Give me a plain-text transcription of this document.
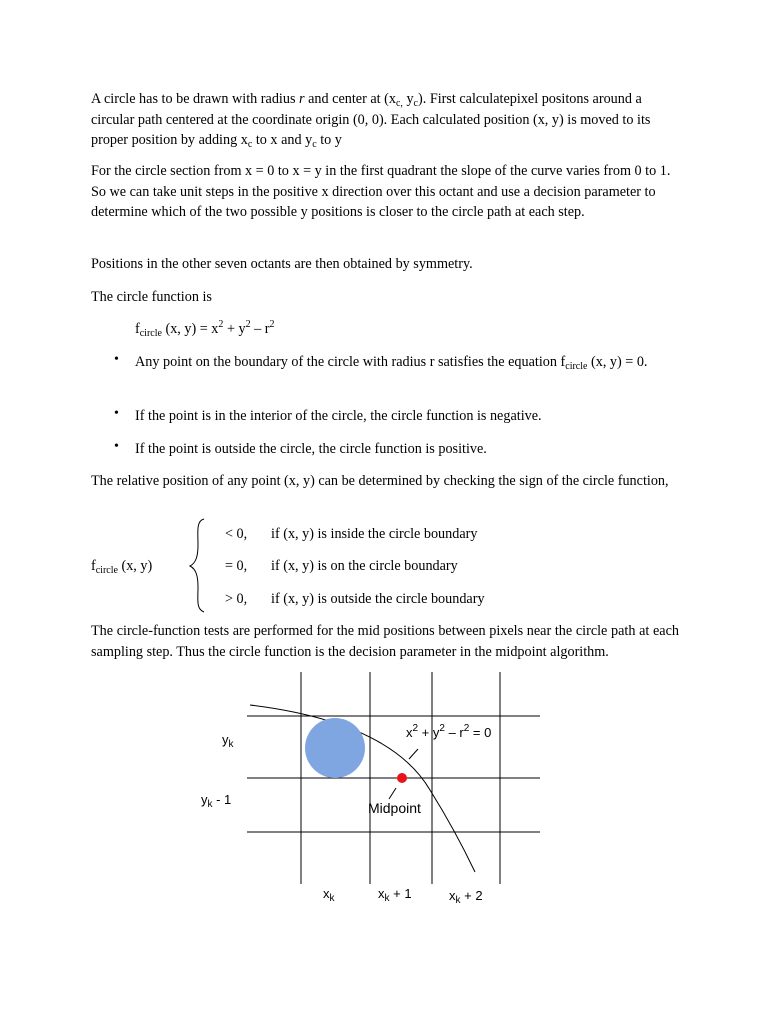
A circle has to be drawn with radius r and center at ($x_{c,}$ $y_c$). First calculatepixel positons around a circular path centered at the coordinate origin (0, 0). Each calculated position (x, y) is moved to its proper position by adding $x_c$ to x and $y_c$ to y

For the circle section from x = 0 to x = y in the first quadrant the slope of the curve varies from 0 to 1. So we can take unit steps in the positive x direction over this octant and use a decision parameter to determine which of the two possible y positions is closer to the circle path at each step.

Positions in the other seven octants are then obtained by symmetry.

The circle function is

$f_{circle}$ (x, $y) = x^2 + y^2 - r^2$
• Any point on the boundary of the circle with radius r satisfies the equation $f_{circle}$ (x, y) = 0.

• If the point is in the interior of the circle, the circle function is negative.

• If the point is outside the circle, the circle function is positive.

The relative position of any point (x, y) can be determined by checking the sign of the circle function,

$f_{circle}$ (x, y)
< 0, if (x, y) is inside the circle boundary
= 0, if (x, y) is on the circle boundary
> 0, if (x, y) is outside the circle boundary

The circle-function tests are performed for the mid positions between pixels near the circle path at each sampling step. Thus the circle function is the decision parameter in the midpoint algorithm.

$y_k$
$y_k - 1$
$x^2 + y^2 - r^2 = 0$
Midpoint
$x_k$	$x_k + 1$	$x_k + 2$
